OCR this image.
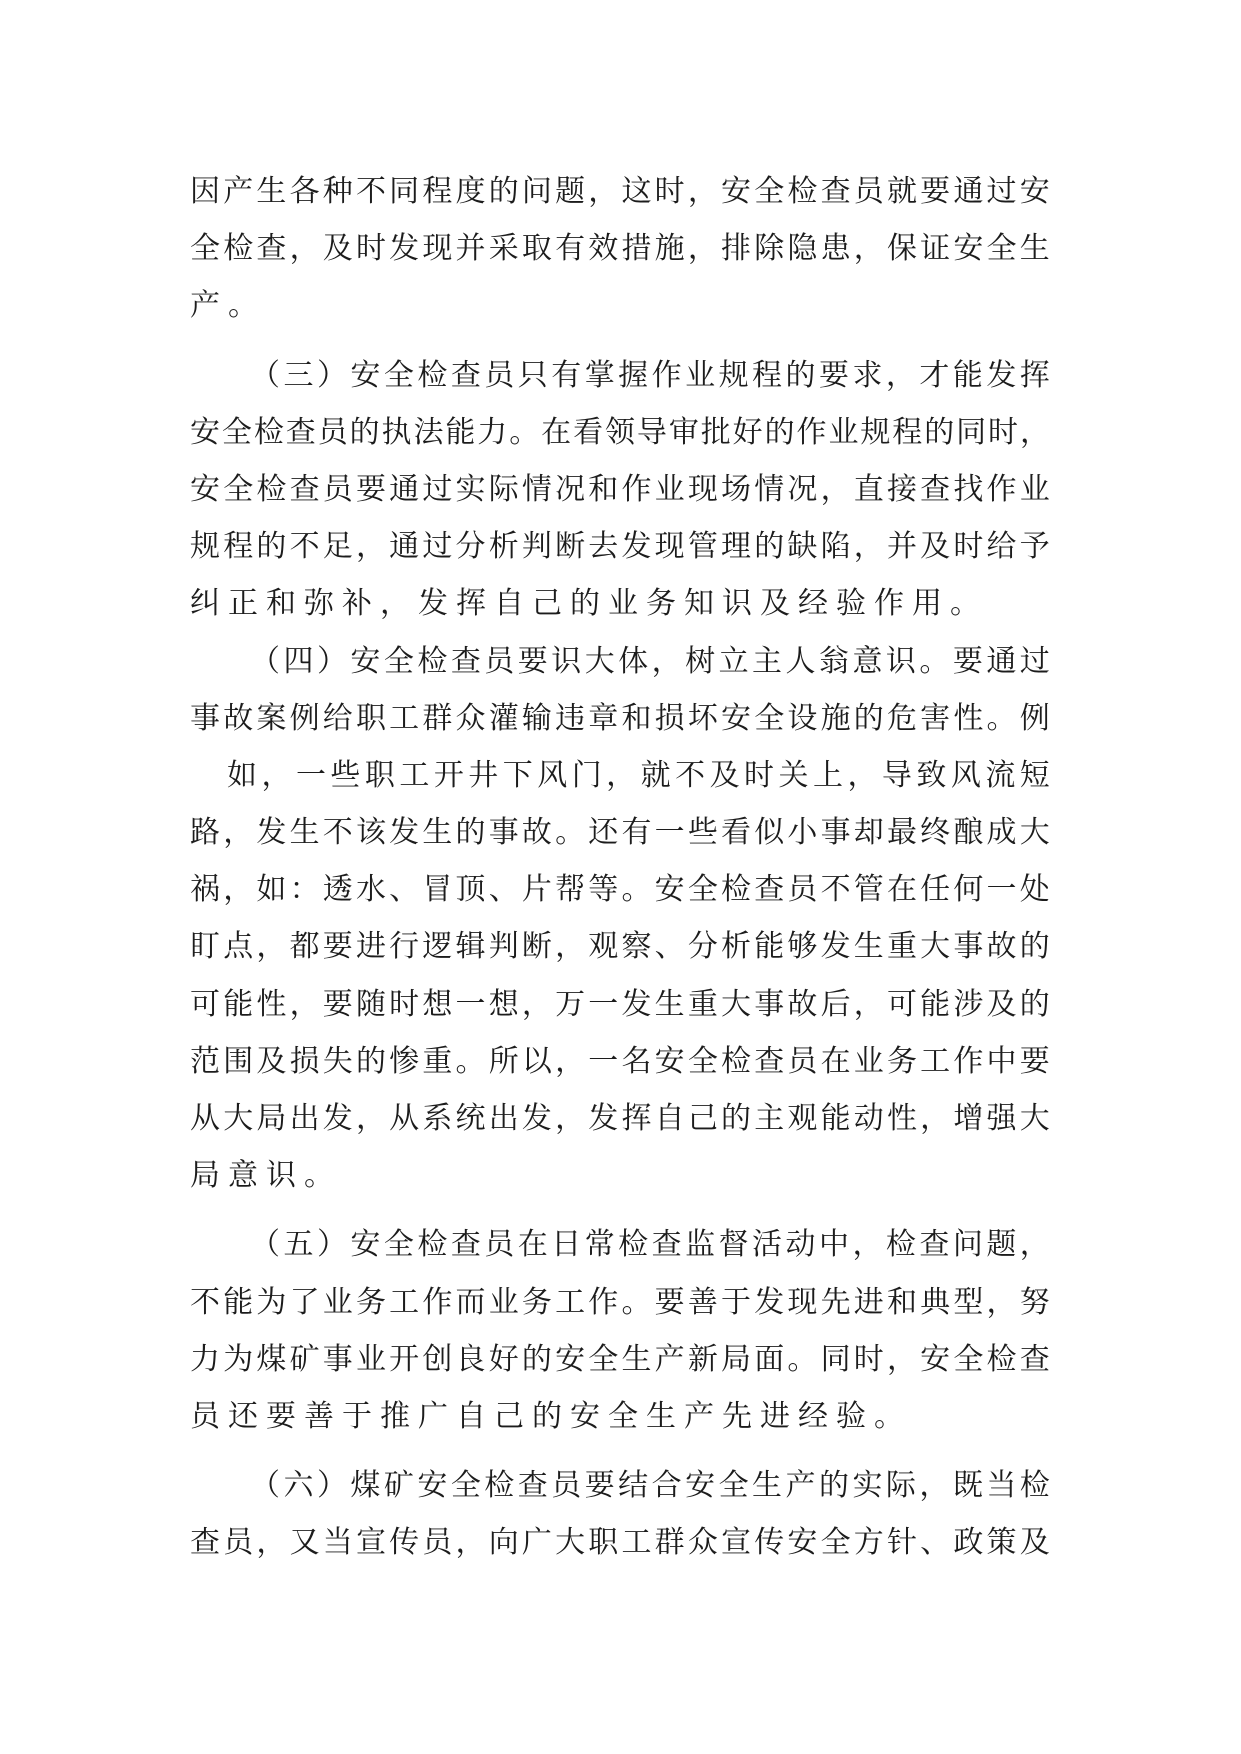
因 产 生 各 种 不 同 程 度 的 问 题 ， 这 时 ， 安 全 检 查 员 就 要 通 过 安
全 检 查 ， 及 时 发 现 并 采 取 有 效 措 施 ， 排 除 隐 患 ， 保 证 安 全 生
产。
（ 三 ） 安 全 检 查 员 只 有 掌 握 作 业 规 程 的 要 求 ， 才 能 发 挥
安 全 检 查 员 的 执 法 能 力 。 在 看 领 导 审 批 好 的 作 业 规 程 的 同 时 ，
安 全 检 查 员 要 通 过 实 际 情 况 和 作 业 现 场 情 况 ， 直 接 查 找 作 业
规 程 的 不 足 ， 通 过 分 析 判 断 去 发 现 管 理 的 缺 陷 ， 并 及 时 给 予
纠正和弥补，发挥自己的业务知识及经验作用。
（ 四 ） 安 全 检 查 员 要 识 大 体 ， 树 立 主 人 翁 意 识 。 要 通 过
事 故 案 例 给 职 工 群 众 灌 输 违 章 和 损 坏 安 全 设 施 的 危 害 性 。 例
如 ， 一 些 职 工 开 井 下 风 门 ， 就 不 及 时 关 上 ， 导 致 风 流 短
路 ， 发 生 不 该 发 生 的 事 故 。 还 有 一 些 看 似 小 事 却 最 终 酿 成 大
祸 ， 如 ： 透 水 、 冒 顶 、 片 帮 等 。 安 全 检 查 员 不 管 在 任 何 一 处
盯 点 ， 都 要 进 行 逻 辑 判 断 ， 观 察 、 分 析 能 够 发 生 重 大 事 故 的
可 能 性 ， 要 随 时 想 一 想 ， 万 一 发 生 重 大 事 故 后 ， 可 能 涉 及 的
范 围 及 损 失 的 惨 重 。 所 以 ， 一 名 安 全 检 查 员 在 业 务 工 作 中 要
从 大 局 出 发 ， 从 系 统 出 发 ， 发 挥 自 己 的 主 观 能 动 性 ， 增 强 大
局意识。
（ 五 ） 安 全 检 查 员 在 日 常 检 查 监 督 活 动 中 ， 检 查 问 题 ，
不 能 为 了 业 务 工 作 而 业 务 工 作 。 要 善 于 发 现 先 进 和 典 型 ， 努
力 为 煤 矿 事 业 开 创 良 好 的 安 全 生 产 新 局 面 。 同 时 ， 安 全 检 查
员还要善于推广自己的安全生产先进经验。
（ 六 ） 煤 矿 安 全 检 查 员 要 结 合 安 全 生 产 的 实 际 ， 既 当 检
查 员 ， 又 当 宣 传 员 ， 向 广 大 职 工 群 众 宣 传 安 全 方 针 、 政 策 及
